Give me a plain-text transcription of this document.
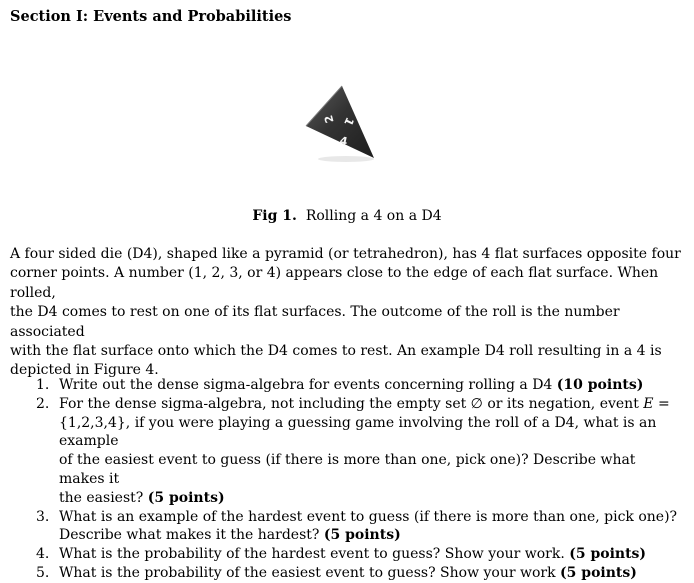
Section I: Events and Probabilities
4
2 1
Fig 1. Rolling a 4 on a D4
A four sided die (D4), shaped like a pyramid (or tetrahedron), has 4 flat surfaces opposite four
corner points. A number (1, 2, 3, or 4) appears close to the edge of each flat surface. When rolled,
the D4 comes to rest on one of its flat surfaces. The outcome of the roll is the number associated
with the flat surface onto which the D4 comes to rest. An example D4 roll resulting in a 4 is
depicted in Figure 4.
1. Write out the dense sigma-algebra for events concerning rolling a D4 (10 points)
2. For the dense sigma-algebra, not including the empty set ∅ or its negation, event E =
{1,2,3,4}, if you were playing a guessing game involving the roll of a D4, what is an example
of the easiest event to guess (if there is more than one, pick one)? Describe what makes it
the easiest? (5 points)
3. What is an example of the hardest event to guess (if there is more than one, pick one)?
Describe what makes it the hardest? (5 points)
4. What is the probability of the hardest event to guess? Show your work. (5 points)
5. What is the probability of the easiest event to guess? Show your work (5 points)
